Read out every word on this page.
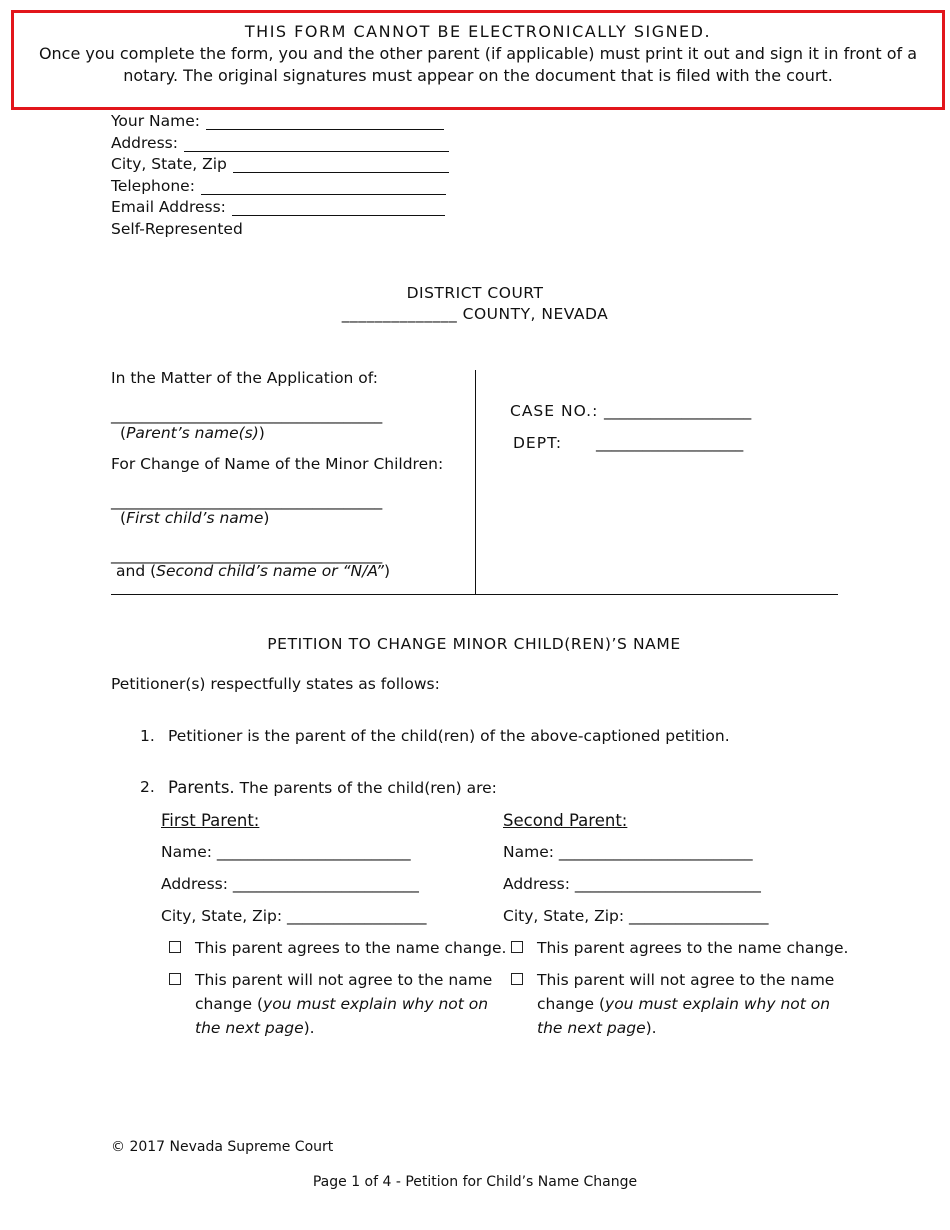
THIS FORM CANNOT BE ELECTRONICALLY SIGNED.
Once you complete the form, you and the other parent (if applicable) must print it out and sign it in front of a
notary. The original signatures must appear on the document that is filed with the court.
Your Name:
Address:
City, State, Zip
Telephone:
Email Address:
Self-Represented
DISTRICT COURT
______________ COUNTY, NEVADA
In the Matter of the Application of:
___________________________________
(Parent’s name(s))
For Change of Name of the Minor Children:
___________________________________
(First child’s name)
___________________________________
and (Second child’s name or “N/A”)
CASE NO.: ___________________
DEPT: ___________________
PETITION TO CHANGE MINOR CHILD(REN)’S NAME
Petitioner(s) respectfully states as follows:
1. Petitioner is the parent of the child(ren) of the above-captioned petition.
2. Parents. The parents of the child(ren) are:
First Parent:
Name: _________________________
Address: ________________________
City, State, Zip: __________________
This parent agrees to the name change.
This parent will not agree to the name
change (you must explain why not on
the next page).
Second Parent:
Name: _________________________
Address: ________________________
City, State, Zip: __________________
This parent agrees to the name change.
This parent will not agree to the name
change (you must explain why not on
the next page).
© 2017 Nevada Supreme Court
Page 1 of 4 - Petition for Child’s Name Change
